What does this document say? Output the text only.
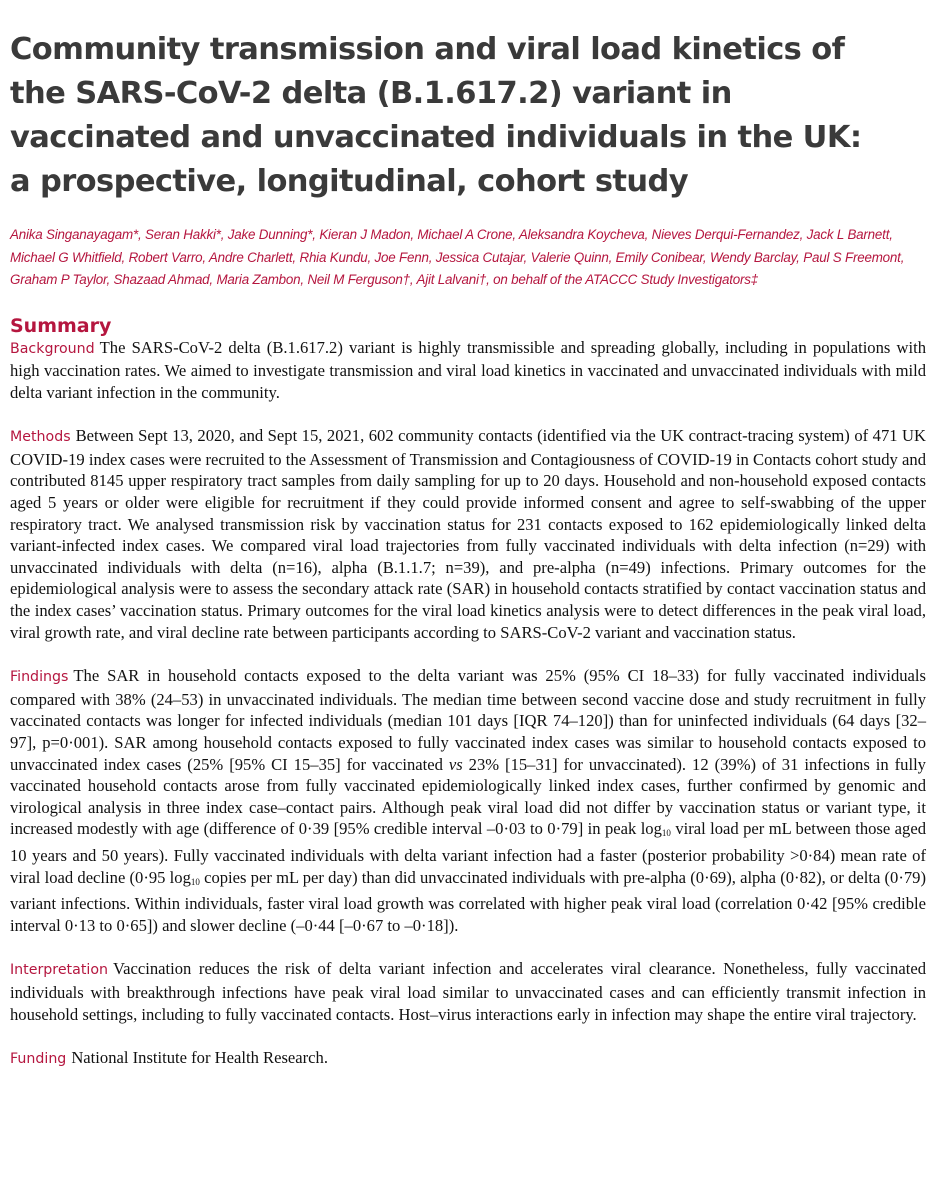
Community transmission and viral load kinetics of the SARS-CoV-2 delta (B.1.617.2) variant in vaccinated and unvaccinated individuals in the UK: a prospective, longitudinal, cohort study

Anika Singanayagam*, Seran Hakki*, Jake Dunning*, Kieran J Madon, Michael A Crone, Aleksandra Koycheva, Nieves Derqui-Fernandez, Jack L Barnett, Michael G Whitfield, Robert Varro, Andre Charlett, Rhia Kundu, Joe Fenn, Jessica Cutajar, Valerie Quinn, Emily Conibear, Wendy Barclay, Paul S Freemont, Graham P Taylor, Shazaad Ahmad, Maria Zambon, Neil M Ferguson†, Ajit Lalvani†, on behalf of the ATACCC Study Investigators‡

Summary

Background The SARS-CoV-2 delta (B.1.617.2) variant is highly transmissible and spreading globally, including in populations with high vaccination rates. We aimed to investigate transmission and viral load kinetics in vaccinated and unvaccinated individuals with mild delta variant infection in the community.

Methods Between Sept 13, 2020, and Sept 15, 2021, 602 community contacts (identified via the UK contract-tracing system) of 471 UK COVID-19 index cases were recruited to the Assessment of Transmission and Contagiousness of COVID-19 in Contacts cohort study and contributed 8145 upper respiratory tract samples from daily sampling for up to 20 days. Household and non-household exposed contacts aged 5 years or older were eligible for recruitment if they could provide informed consent and agree to self-swabbing of the upper respiratory tract. We analysed transmission risk by vaccination status for 231 contacts exposed to 162 epidemiologically linked delta variant-infected index cases. We compared viral load trajectories from fully vaccinated individuals with delta infection (n=29) with unvaccinated individuals with delta (n=16), alpha (B.1.1.7; n=39), and pre-alpha (n=49) infections. Primary outcomes for the epidemiological analysis were to assess the secondary attack rate (SAR) in household contacts stratified by contact vaccination status and the index cases’ vaccination status. Primary outcomes for the viral load kinetics analysis were to detect differences in the peak viral load, viral growth rate, and viral decline rate between participants according to SARS-CoV-2 variant and vaccination status.

Findings The SAR in household contacts exposed to the delta variant was 25% (95% CI 18–33) for fully vaccinated individuals compared with 38% (24–53) in unvaccinated individuals. The median time between second vaccine dose and study recruitment in fully vaccinated contacts was longer for infected individuals (median 101 days [IQR 74–120]) than for uninfected individuals (64 days [32–97], p=0·001). SAR among household contacts exposed to fully vaccinated index cases was similar to household contacts exposed to unvaccinated index cases (25% [95% CI 15–35] for vaccinated vs 23% [15–31] for unvaccinated). 12 (39%) of 31 infections in fully vaccinated household contacts arose from fully vaccinated epidemiologically linked index cases, further confirmed by genomic and virological analysis in three index case–contact pairs. Although peak viral load did not differ by vaccination status or variant type, it increased modestly with age (difference of 0·39 [95% credible interval –0·03 to 0·79] in peak $\log_{10}$ viral load per mL between those aged 10 years and 50 years). Fully vaccinated individuals with delta variant infection had a faster (posterior probability >0·84) mean rate of viral load decline (0·95 $\log_{10}$ copies per mL per day) than did unvaccinated individuals with pre-alpha (0·69), alpha (0·82), or delta (0·79) variant infections. Within individuals, faster viral load growth was correlated with higher peak viral load (correlation 0·42 [95% credible interval 0·13 to 0·65]) and slower decline (–0·44 [–0·67 to –0·18]).

Interpretation Vaccination reduces the risk of delta variant infection and accelerates viral clearance. Nonetheless, fully vaccinated individuals with breakthrough infections have peak viral load similar to unvaccinated cases and can efficiently transmit infection in household settings, including to fully vaccinated contacts. Host–virus interactions early in infection may shape the entire viral trajectory.

Funding National Institute for Health Research.
